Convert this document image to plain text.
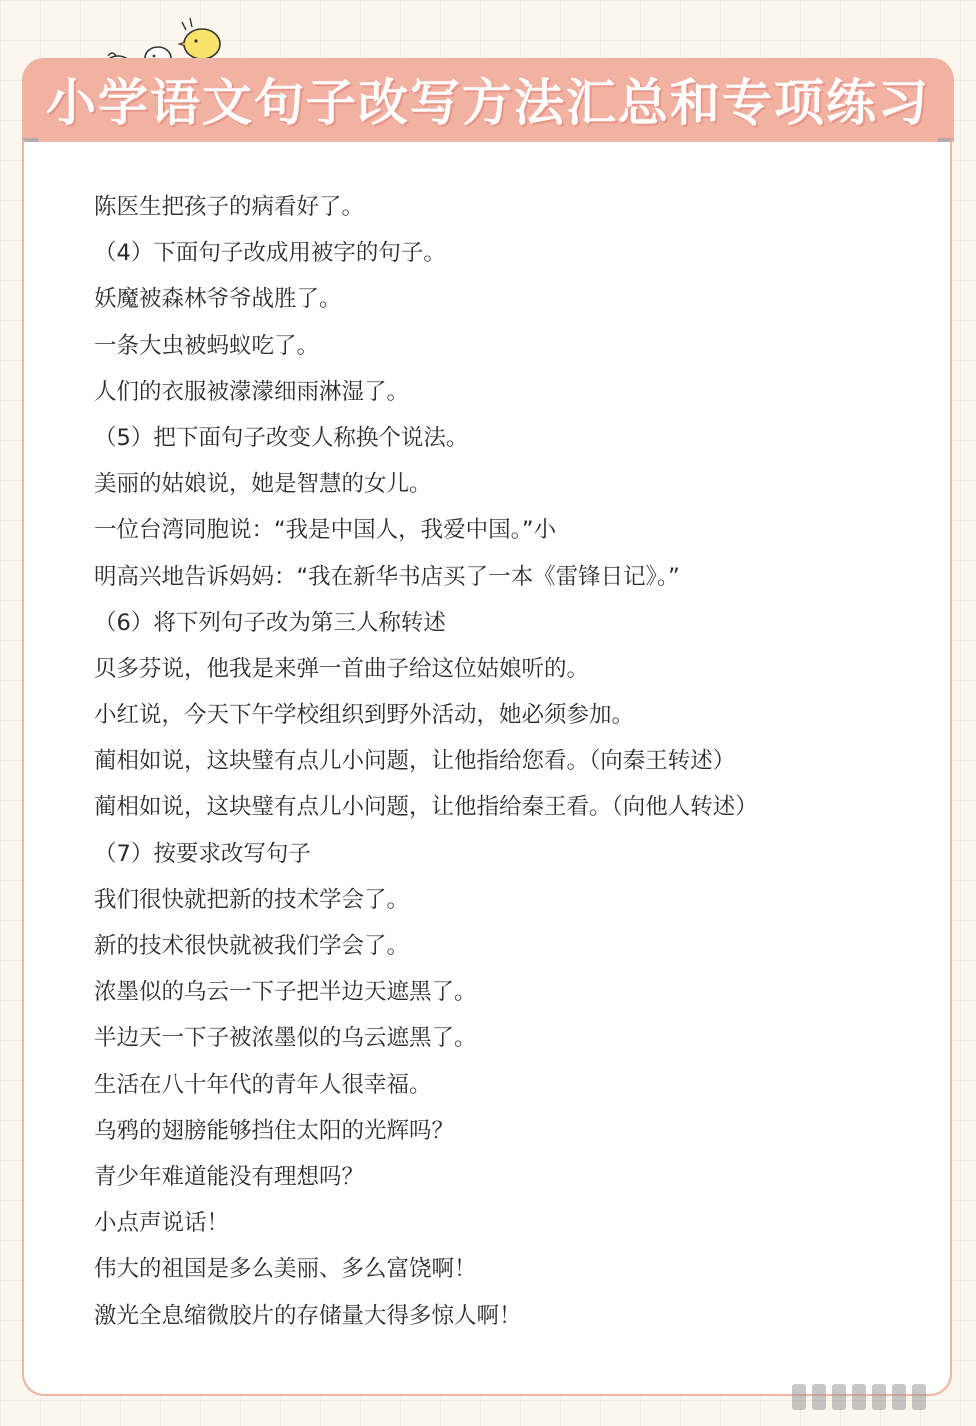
小学语文句子改写方法汇总和专项练习
陈医生把孩子的病看好了。
（4）下面句子改成用被字的句子。
妖魔被森林爷爷战胜了。
一条大虫被蚂蚁吃了。
人们的衣服被濛濛细雨淋湿了。
（5）把下面句子改变人称换个说法。
美丽的姑娘说，她是智慧的女儿。
一位台湾同胞说：“我是中国人，我爱中国。”小
明高兴地告诉妈妈：“我在新华书店买了一本《雷锋日记》。”
（6）将下列句子改为第三人称转述
贝多芬说，他我是来弹一首曲子给这位姑娘听的。
小红说，今天下午学校组织到野外活动，她必须参加。
蔺相如说，这块璧有点儿小问题，让他指给您看。（向秦王转述）
蔺相如说，这块璧有点儿小问题，让他指给秦王看。（向他人转述）
（7）按要求改写句子
我们很快就把新的技术学会了。
新的技术很快就被我们学会了。
浓墨似的乌云一下子把半边天遮黑了。
半边天一下子被浓墨似的乌云遮黑了。
生活在八十年代的青年人很幸福。
乌鸦的翅膀能够挡住太阳的光辉吗？
青少年难道能没有理想吗？
小点声说话！
伟大的祖国是多么美丽、多么富饶啊！
激光全息缩微胶片的存储量大得多惊人啊！
